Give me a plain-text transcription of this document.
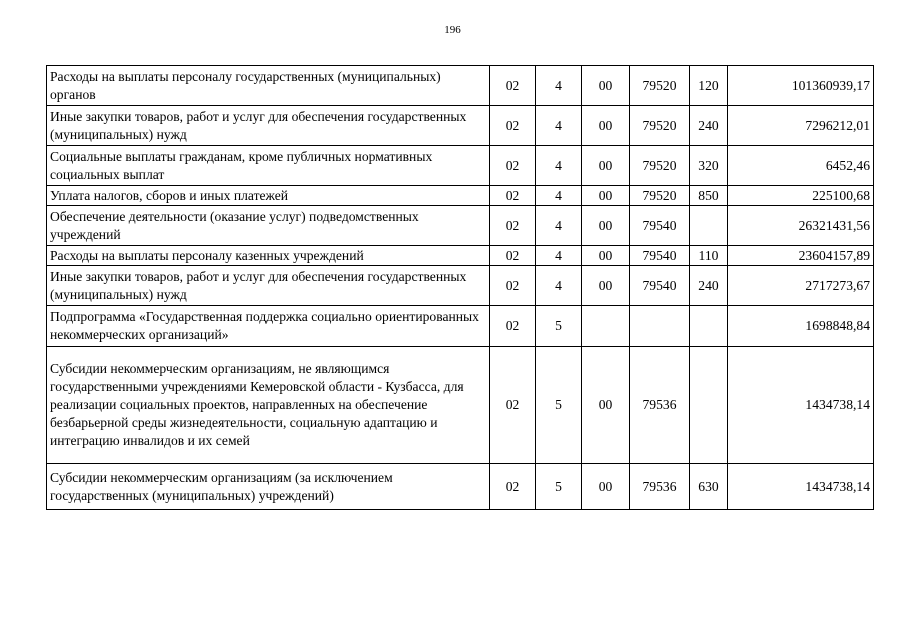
196
Расходы на выплаты персоналу государственных (муниципальных) органов	02	4	00	79520	120	101360939,17
Иные закупки товаров, работ и услуг для обеспечения государственных (муниципальных) нужд	02	4	00	79520	240	7296212,01
Социальные выплаты гражданам, кроме публичных нормативных социальных выплат	02	4	00	79520	320	6452,46
Уплата налогов, сборов и иных платежей	02	4	00	79520	850	225100,68
Обеспечение деятельности (оказание услуг) подведомственных учреждений	02	4	00	79540		26321431,56
Расходы на выплаты персоналу казенных учреждений	02	4	00	79540	110	23604157,89
Иные закупки товаров, работ и услуг для обеспечения государственных (муниципальных) нужд	02	4	00	79540	240	2717273,67
Подпрограмма «Государственная поддержка социально ориентированных некоммерческих организаций»	02	5				1698848,84
Субсидии некоммерческим организациям, не являющимся государственными учреждениями Кемеровской области - Кузбасса, для реализации социальных проектов, направленных на обеспечение безбарьерной среды жизнедеятельности, социальную адаптацию и интеграцию инвалидов и их семей	02	5	00	79536		1434738,14
Субсидии некоммерческим организациям (за исключением государственных (муниципальных) учреждений)	02	5	00	79536	630	1434738,14
